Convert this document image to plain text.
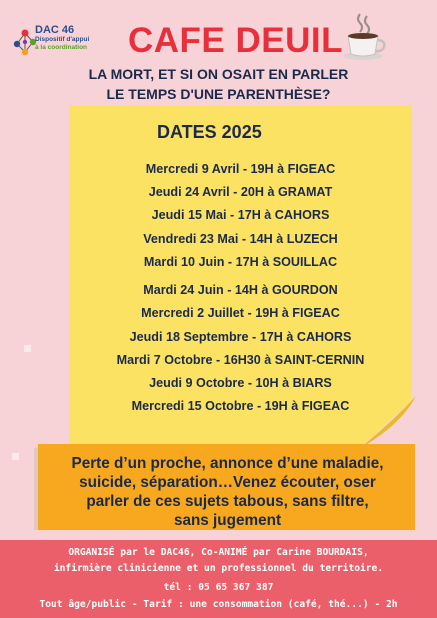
DAC 46
Dispositif d'appui
à la coordination CAFE DEUIL
LA MORT, ET SI ON OSAIT EN PARLER
LE TEMPS D'UNE PARENTHÈSE?
DATES 2025
Mercredi 9 Avril - 19H à FIGEAC
Jeudi 24 Avril - 20H à GRAMAT
Jeudi 15 Mai - 17H à CAHORS
Vendredi 23 Mai - 14H à LUZECH
Mardi 10 Juin - 17H à SOUILLAC
Mardi 24 Juin - 14H à GOURDON
Mercredi 2 Juillet - 19H à FIGEAC
Jeudi 18 Septembre - 17H à CAHORS
Mardi 7 Octobre - 16H30 à SAINT-CERNIN
Jeudi 9 Octobre - 10H à BIARS
Mercredi 15 Octobre - 19H à FIGEAC
Perte d’un proche, annonce d’une maladie,
suicide, séparation…Venez écouter, oser
parler de ces sujets tabous, sans filtre,
sans jugement
ORGANISÉ par le DAC46, Co-ANIMÉ par Carine BOURDAIS,
infirmière clinicienne et un professionnel du territoire.
tél : 05 65 367 387
Tout âge/public - Tarif : une consommation (café, thé...) - 2h
